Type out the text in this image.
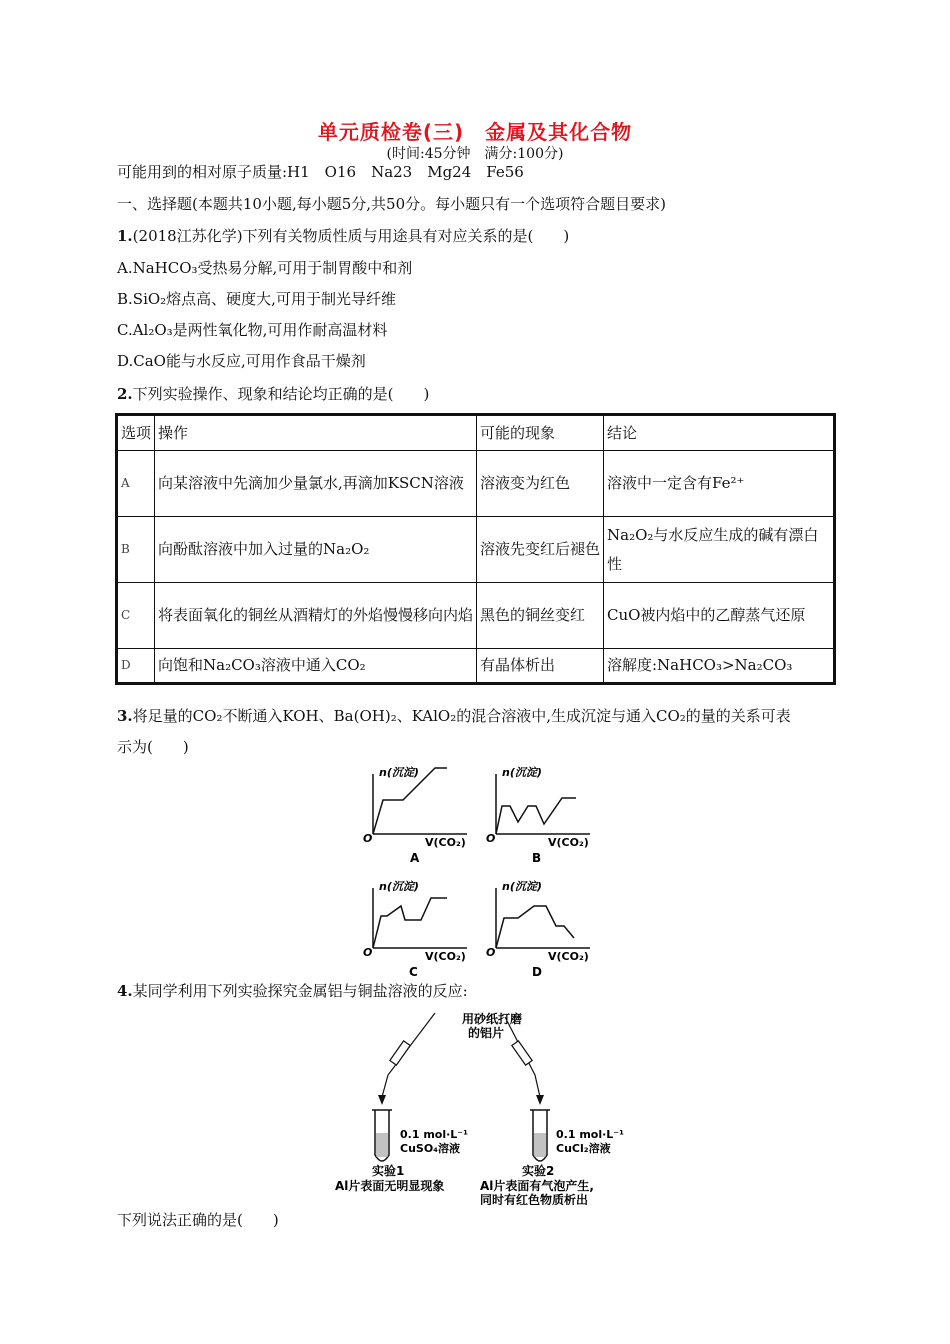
单元质检卷(三)　金属及其化合物
(时间:45分钟　满分:100分)
可能用到的相对原子质量:H1　O16　Na23　Mg24　Fe56
一、选择题(本题共10小题,每小题5分,共50分。每小题只有一个选项符合题目要求)
1.(2018江苏化学)下列有关物质性质与用途具有对应关系的是(　　)
A.NaHCO₃受热易分解,可用于制胃酸中和剂
B.SiO₂熔点高、硬度大,可用于制光导纤维
C.Al₂O₃是两性氧化物,可用作耐高温材料
D.CaO能与水反应,可用作食品干燥剂
2.下列实验操作、现象和结论均正确的是(　　)
选项	操作	可能的现象	结论
A	向某溶液中先滴加少量氯水,再滴加KSCN溶液	溶液变为红色	溶液中一定含有Fe²⁺
B	向酚酞溶液中加入过量的Na₂O₂	溶液先变红后褪色	Na₂O₂与水反应生成的碱有漂白性
C	将表面氧化的铜丝从酒精灯的外焰慢慢移向内焰	黑色的铜丝变红	CuO被内焰中的乙醇蒸气还原
D	向饱和Na₂CO₃溶液中通入CO₂	有晶体析出	溶解度:NaHCO₃>Na₂CO₃
3.将足量的CO₂不断通入KOH、Ba(OH)₂、KAlO₂的混合溶液中,生成沉淀与通入CO₂的量的关系可表
示为(　　)
n(沉淀)
V(CO₂)
O
A
n(沉淀)
V(CO₂)
O
B
n(沉淀)
V(CO₂)
O
C
n(沉淀)
V(CO₂)
O
D
4.某同学利用下列实验探究金属铝与铜盐溶液的反应:
用砂纸打磨
的铝片
0.1 mol·L⁻¹
CuSO₄溶液
0.1 mol·L⁻¹
CuCl₂溶液
实验1
Al片表面无明显现象
实验2
Al片表面有气泡产生,
同时有红色物质析出
下列说法正确的是(　　)
